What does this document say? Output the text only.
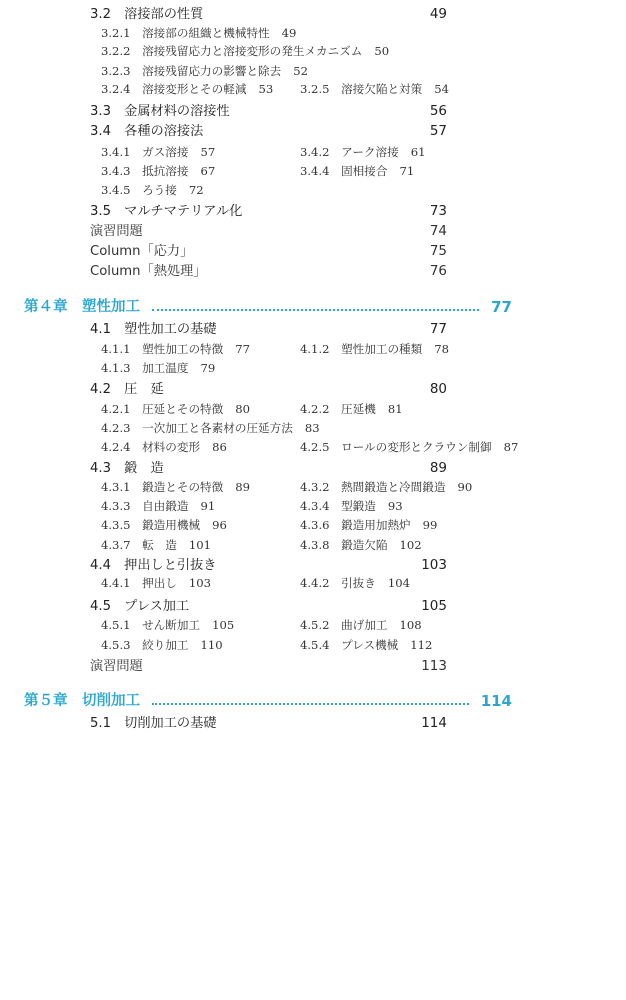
3.2　溶接部の性質	49
3.2.1　溶接部の組織と機械特性 49
3.2.2　溶接残留応力と溶接変形の発生メカニズム 50
3.2.3　溶接残留応力の影響と除去 52
3.2.4　溶接変形とその軽減 53 3.2.5　溶接欠陥と対策 54
3.3　金属材料の溶接性	56
3.4　各種の溶接法	57
3.4.1　ガス溶接 57	3.4.2　アーク溶接 61
3.4.3　抵抗溶接 67	3.4.4　固相接合 71
3.4.5　ろう接 72
3.5　マルチマテリアル化	73
演習問題	74
Column「応力」	75
Column「熱処理」	76
第４章　塑性加工	77
4.1　塑性加工の基礎	77
4.1.1　塑性加工の特徴 77	4.1.2　塑性加工の種類 78
4.1.3　加工温度 79
4.2　圧　延	80
4.2.1　圧延とその特徴 80	4.2.2　圧延機 81
4.2.3　一次加工と各素材の圧延方法 83
4.2.4　材料の変形 86	4.2.5　ロールの変形とクラウン制御 87
4.3　鍛　造	89
4.3.1　鍛造とその特徴 89	4.3.2　熱間鍛造と冷間鍛造 90
4.3.3　自由鍛造 91	4.3.4　型鍛造 93
4.3.5　鍛造用機械 96	4.3.6　鍛造用加熱炉 99
4.3.7　転　造 101	4.3.8　鍛造欠陥 102
4.4　押出しと引抜き	103
4.4.1　押出し 103	4.4.2　引抜き 104
4.5　プレス加工	105
4.5.1　せん断加工 105	4.5.2　曲げ加工 108
4.5.3　絞り加工 110	4.5.4　プレス機械 112
演習問題	113
第５章　切削加工	114
5.1　切削加工の基礎	114
